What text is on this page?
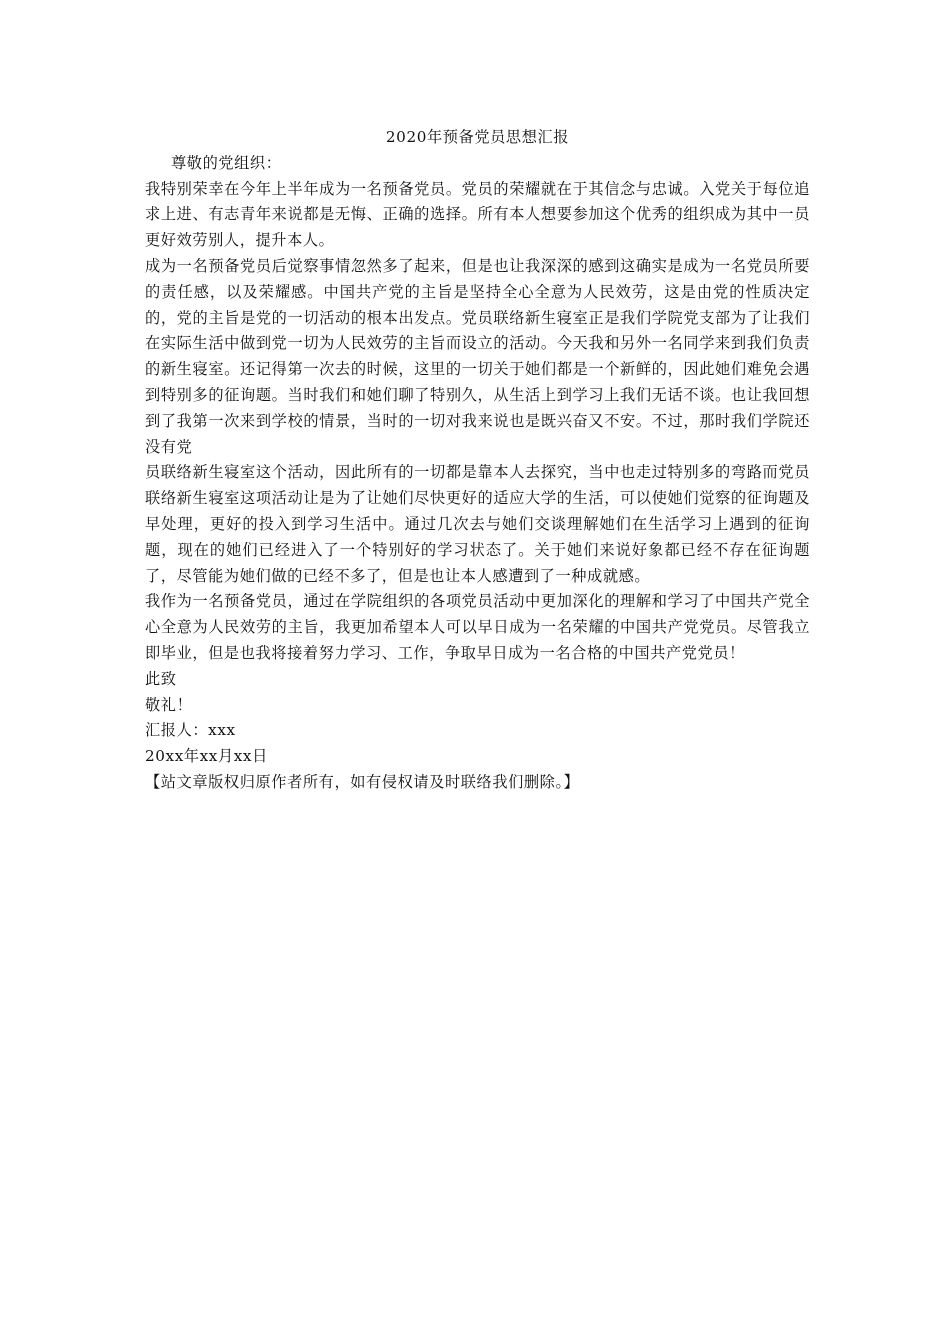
2020年预备党员思想汇报

尊敬的党组织：

我特别荣幸在今年上半年成为一名预备党员。党员的荣耀就在于其信念与忠诚。入党关于每位追求上进、有志青年来说都是无悔、正确的选择。所有本人想要参加这个优秀的组织成为其中一员更好效劳别人，提升本人。

成为一名预备党员后觉察事情忽然多了起来，但是也让我深深的感到这确实是成为一名党员所要的责任感，以及荣耀感。中国共产党的主旨是坚持全心全意为人民效劳，这是由党的性质决定的，党的主旨是党的一切活动的根本出发点。党员联络新生寝室正是我们学院党支部为了让我们在实际生活中做到党一切为人民效劳的主旨而设立的活动。今天我和另外一名同学来到我们负责的新生寝室。还记得第一次去的时候，这里的一切关于她们都是一个新鲜的，因此她们难免会遇到特别多的征询题。当时我们和她们聊了特别久，从生活上到学习上我们无话不谈。也让我回想到了我第一次来到学校的情景，当时的一切对我来说也是既兴奋又不安。不过，那时我们学院还没有党

员联络新生寝室这个活动，因此所有的一切都是靠本人去探究，当中也走过特别多的弯路而党员联络新生寝室这项活动让是为了让她们尽快更好的适应大学的生活，可以使她们觉察的征询题及早处理，更好的投入到学习生活中。通过几次去与她们交谈理解她们在生活学习上遇到的征询题，现在的她们已经进入了一个特别好的学习状态了。关于她们来说好象都已经不存在征询题了，尽管能为她们做的已经不多了，但是也让本人感遭到了一种成就感。

我作为一名预备党员，通过在学院组织的各项党员活动中更加深化的理解和学习了中国共产党全心全意为人民效劳的主旨，我更加希望本人可以早日成为一名荣耀的中国共产党党员。尽管我立即毕业，但是也我将接着努力学习、工作，争取早日成为一名合格的中国共产党党员！

此致

敬礼！

汇报人：xxx

20xx年xx月xx日

【站文章版权归原作者所有，如有侵权请及时联络我们删除。】
